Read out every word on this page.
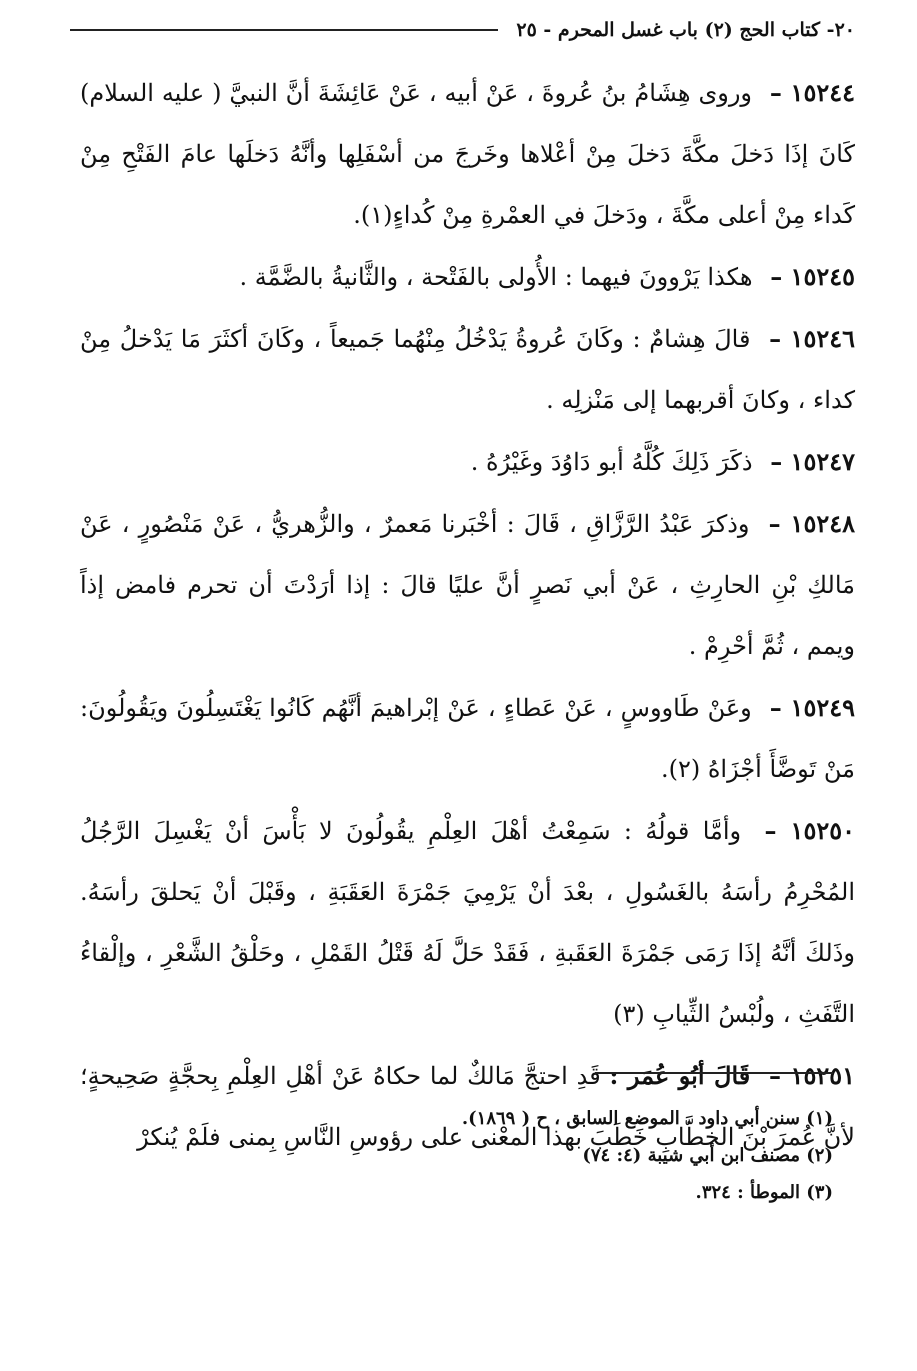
٢٠- كتاب الحج (٢) باب غسل المحرم - ٢٥

١٥٢٤٤ – وروى هِشَامُ بنُ عُروةَ ، عَنْ أبيه ، عَنْ عَائِشَةَ أنَّ النبيَّ ( عليه السلام) كَانَ إذَا دَخلَ مكَّةَ دَخلَ مِنْ أعْلاها وخَرجَ من أسْفَلِها وأنَّهُ دَخلَها عامَ الفَتْحِ مِنْ كَداء مِنْ أعلى مكَّةَ ، ودَخلَ في العمْرةِ مِنْ كُداءٍ(١).

١٥٢٤٥ – هكذا يَرْوونَ فيهما : الأُولى بالفَتْحة ، والثَّانيةُ بالضَّمَّة .

١٥٢٤٦ – قالَ هِشامٌ : وكَانَ عُروةُ يَدْخُلُ مِنْهُما جَميعاً ، وكَانَ أكثَرَ مَا يَدْخلُ مِنْ كداء ، وكانَ أقربهما إلى مَنْزلِه .

١٥٢٤٧ – ذكَرَ ذَلِكَ كُلَّهُ أبو دَاوُدَ وغَيْرُهُ .

١٥٢٤٨ – وذكرَ عَبْدُ الرَّزَّاقِ ، قَالَ : أخْبَرنا مَعمرٌ ، والزُّهريُّ ، عَنْ مَنْصُورٍ ، عَنْ مَالكِ بْنِ الحارِثِ ، عَنْ أبي نَصرٍ أنَّ عليًا قالَ : إذا أرَدْتَ أن تحرم فامض إذاً ويمم ، ثُمَّ أحْرِمْ .

١٥٢٤٩ – وعَنْ طَاووسٍ ، عَنْ عَطاءٍ ، عَنْ إبْراهيمَ أنَّهُم كَانُوا يَغْتَسِلُونَ ويَقُولُونَ: مَنْ تَوضَّأَ أجْزَاهُ (٢).

١٥٢٥٠ – وأمَّا قولُهُ : سَمِعْتُ أهْلَ العِلْمِ يقُولُونَ لا بَأْسَ أنْ يَغْسِلَ الرَّجُلُ المُحْرِمُ رأسَهُ بالغَسُولِ ، بعْدَ أنْ يَرْمِيَ جَمْرَةَ العَقَبَةِ ، وقَبْلَ أنْ يَحلقَ رأسَهُ. وذَلكَ أنَّهُ إذَا رَمَى جَمْرَةَ العَقَبةِ ، فَقَدْ حَلَّ لَهُ قَتْلُ القَمْلِ ، وحَلْقُ الشَّعْرِ ، وإلْقاءُ التَّفَثِ ، ولُبْسُ الثِّيابِ (٣)

١٥٢٥١ – قَالَ أبُو عُمَر : قَدِ احتجَّ مَالكٌ لما حكاهُ عَنْ أهْلِ العِلْمِ بِحجَّةٍ صَحِيحةٍ؛ لأنَّ عُمرَ بْنَ الخطَّابِ خَطَبَ بهذا المعْنى على رؤوسِ النَّاسِ بِمنى فلَمْ يُنكرْ

(١) سنن أبي داود . الموضع السابق ، ح ( ١٨٦٩).

(٢) مصنف ابن أبي شيبة (٤: ٧٤)

(٣) الموطأ : ٣٢٤.
